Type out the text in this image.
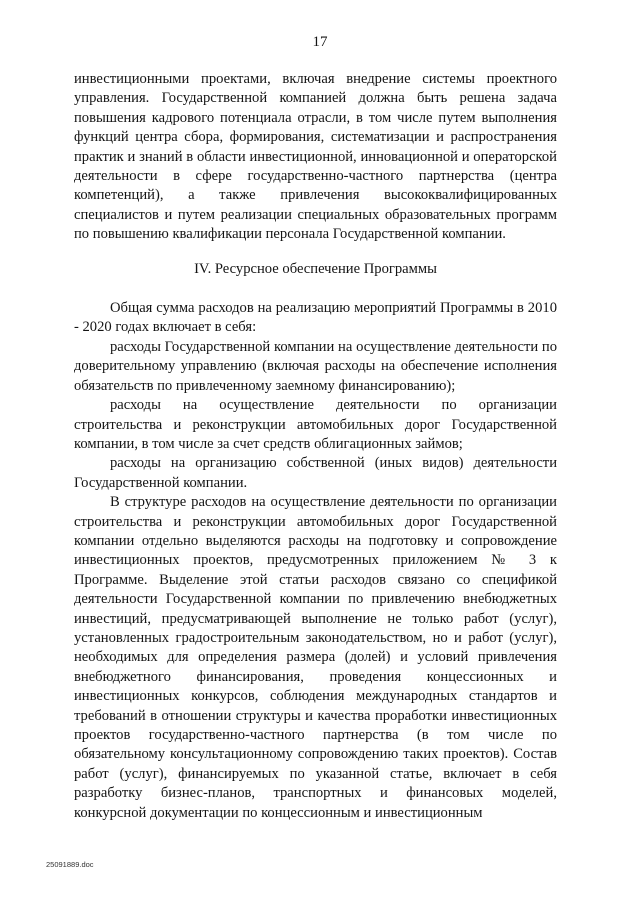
17

инвестиционными проектами, включая внедрение системы проектного управления. Государственной компанией должна быть решена задача повышения кадрового потенциала отрасли, в том числе путем выполнения функций центра сбора, формирования, систематизации и распространения практик и знаний в области инвестиционной, инновационной и операторской деятельности в сфере государственно-частного партнерства (центра компетенций), а также привлечения высококвалифицированных специалистов и путем реализации специальных образовательных программ по повышению квалификации персонала Государственной компании.

IV. Ресурсное обеспечение Программы

Общая сумма расходов на реализацию мероприятий Программы в 2010 - 2020 годах включает в себя:

расходы Государственной компании на осуществление деятельности по доверительному управлению (включая расходы на обеспечение исполнения обязательств по привлеченному заемному финансированию);

расходы на осуществление деятельности по организации строительства и реконструкции автомобильных дорог Государственной компании, в том числе за счет средств облигационных займов;

расходы на организацию собственной (иных видов) деятельности Государственной компании.

В структуре расходов на осуществление деятельности по организации строительства и реконструкции автомобильных дорог Государственной компании отдельно выделяются расходы на подготовку и сопровождение инвестиционных проектов, предусмотренных приложением № 3 к Программе. Выделение этой статьи расходов связано со спецификой деятельности Государственной компании по привлечению внебюджетных инвестиций, предусматривающей выполнение не только работ (услуг), установленных градостроительным законодательством, но и работ (услуг), необходимых для определения размера (долей) и условий привлечения внебюджетного финансирования, проведения концессионных и инвестиционных конкурсов, соблюдения международных стандартов и требований в отношении структуры и качества проработки инвестиционных проектов государственно-частного партнерства (в том числе по обязательному консультационному сопровождению таких проектов). Состав работ (услуг), финансируемых по указанной статье, включает в себя разработку бизнес-планов, транспортных и финансовых моделей, конкурсной документации по концессионным и инвестиционным

25091889.doc
